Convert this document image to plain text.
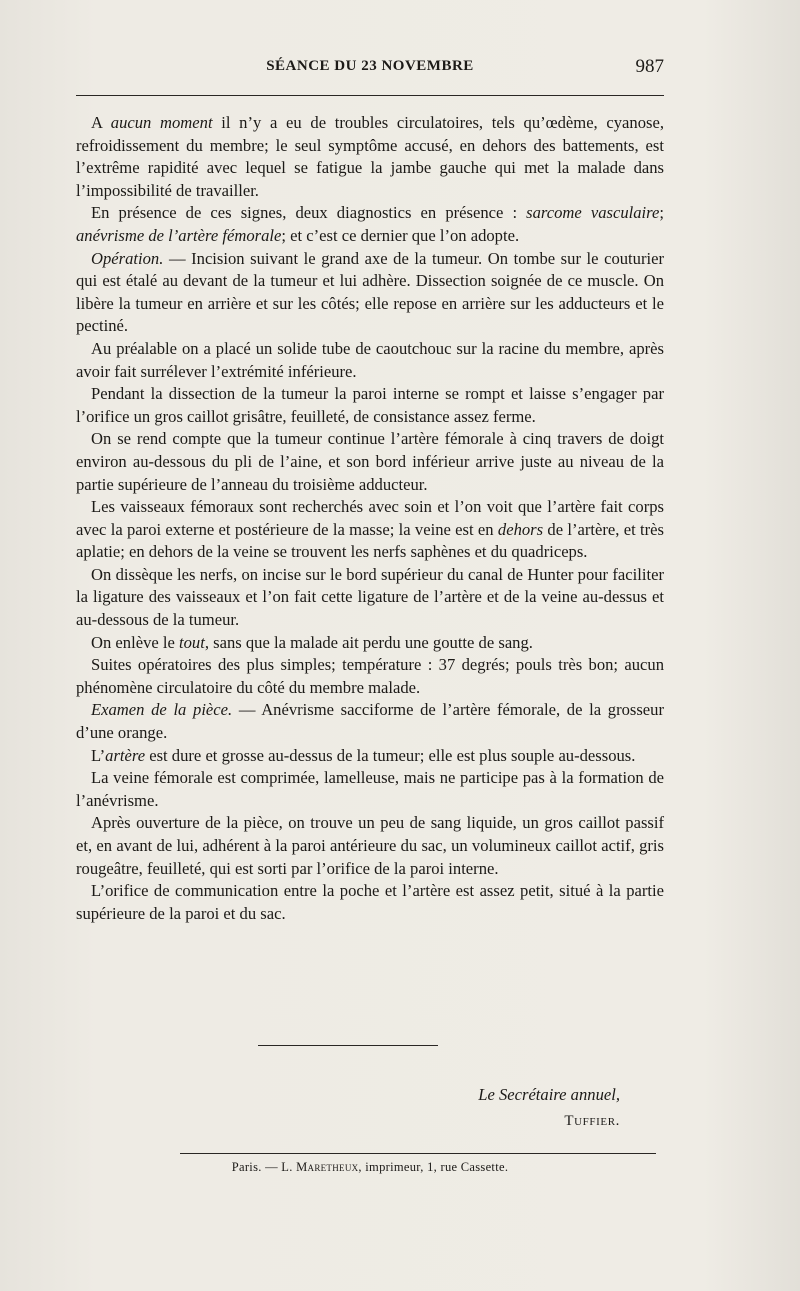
SÉANCE DU 23 NOVEMBRE	987

A aucun moment il n’y a eu de troubles circulatoires, tels qu’œdème, cyanose, refroidissement du membre; le seul symptôme accusé, en dehors des battements, est l’extrême rapidité avec lequel se fatigue la jambe gauche qui met la malade dans l’impossibilité de travailler.

En présence de ces signes, deux diagnostics en présence : sarcome vasculaire; anévrisme de l’artère fémorale; et c’est ce dernier que l’on adopte.

Opération. — Incision suivant le grand axe de la tumeur. On tombe sur le couturier qui est étalé au devant de la tumeur et lui adhère. Dissection soignée de ce muscle. On libère la tumeur en arrière et sur les côtés; elle repose en arrière sur les adducteurs et le pectiné.

Au préalable on a placé un solide tube de caoutchouc sur la racine du membre, après avoir fait surrélever l’extrémité inférieure.

Pendant la dissection de la tumeur la paroi interne se rompt et laisse s’engager par l’orifice un gros caillot grisâtre, feuilleté, de consistance assez ferme.

On se rend compte que la tumeur continue l’artère fémorale à cinq travers de doigt environ au-dessous du pli de l’aine, et son bord inférieur arrive juste au niveau de la partie supérieure de l’anneau du troisième adducteur.

Les vaisseaux fémoraux sont recherchés avec soin et l’on voit que l’artère fait corps avec la paroi externe et postérieure de la masse; la veine est en dehors de l’artère, et très aplatie; en dehors de la veine se trouvent les nerfs saphènes et du quadriceps.

On dissèque les nerfs, on incise sur le bord supérieur du canal de Hunter pour faciliter la ligature des vaisseaux et l’on fait cette ligature de l’artère et de la veine au-dessus et au-dessous de la tumeur.

On enlève le tout, sans que la malade ait perdu une goutte de sang.

Suites opératoires des plus simples; température : 37 degrés; pouls très bon; aucun phénomène circulatoire du côté du membre malade.

Examen de la pièce. — Anévrisme sacciforme de l’artère fémorale, de la grosseur d’une orange.

L’artère est dure et grosse au-dessus de la tumeur; elle est plus souple au-dessous.

La veine fémorale est comprimée, lamelleuse, mais ne participe pas à la formation de l’anévrisme.

Après ouverture de la pièce, on trouve un peu de sang liquide, un gros caillot passif et, en avant de lui, adhérent à la paroi antérieure du sac, un volumineux caillot actif, gris rougeâtre, feuilleté, qui est sorti par l’orifice de la paroi interne.

L’orifice de communication entre la poche et l’artère est assez petit, situé à la partie supérieure de la paroi et du sac.

Le Secrétaire annuel,
Tuffier.
Paris. — L. Maretheux, imprimeur, 1, rue Cassette.
